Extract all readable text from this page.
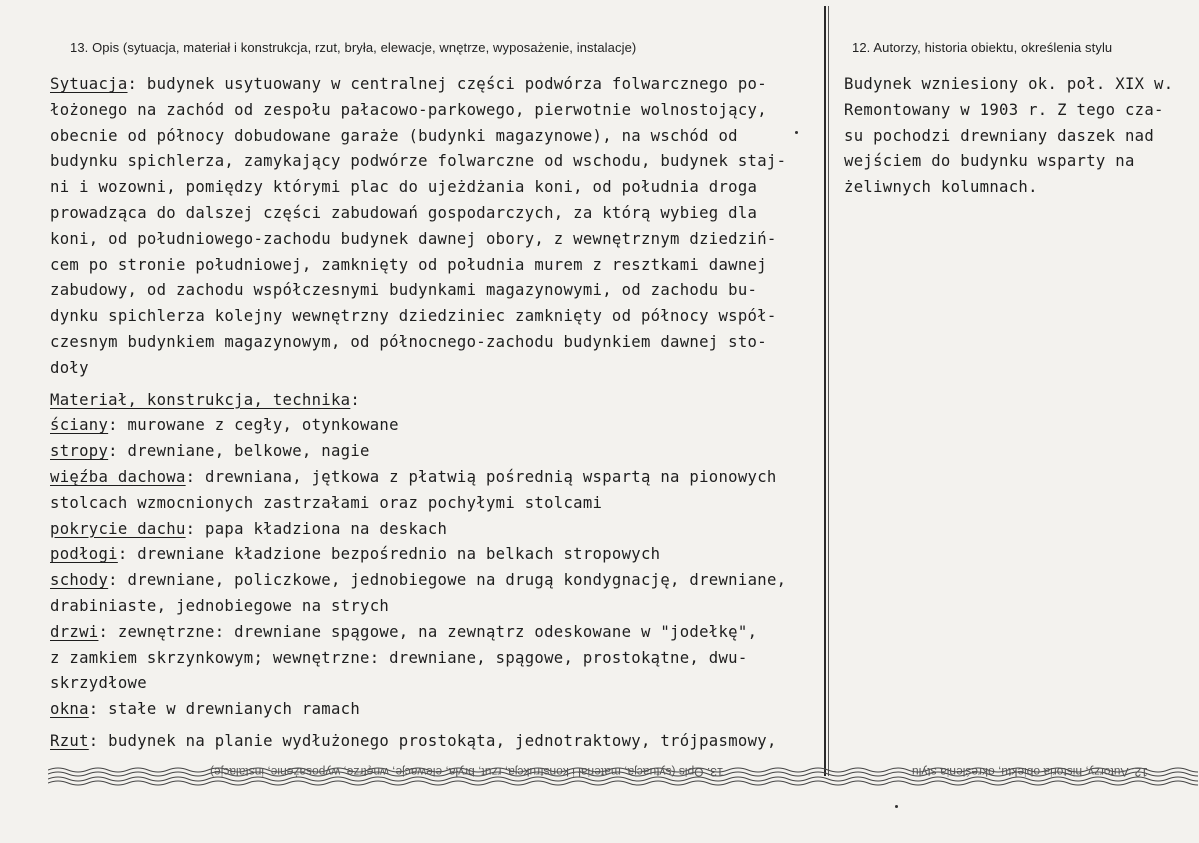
13. Opis (sytuacja, materiał i konstrukcja, rzut, bryła, elewacje, wnętrze, wyposażenie, instalacje)	12. Autorzy, historia obiektu, określenia stylu
Sytuacja: budynek usytuowany w centralnej części podwórza folwarcznego po-
łożonego na zachód od zespołu pałacowo-parkowego, pierwotnie wolnostojący,
obecnie od północy dobudowane garaże (budynki magazynowe), na wschód od
budynku spichlerza, zamykający podwórze folwarczne od wschodu, budynek staj-
ni i wozowni, pomiędzy którymi plac do ujeżdżania koni, od południa droga
prowadząca do dalszej części zabudowań gospodarczych, za którą wybieg dla
koni, od południowego-zachodu budynek dawnej obory, z wewnętrznym dziedziń-
cem po stronie południowej, zamknięty od południa murem z resztkami dawnej
zabudowy, od zachodu współczesnymi budynkami magazynowymi, od zachodu bu-
dynku spichlerza kolejny wewnętrzny dziedziniec zamknięty od północy współ-
czesnym budynkiem magazynowym, od północnego-zachodu budynkiem dawnej sto-
doły
Materiał, konstrukcja, technika:
ściany: murowane z cegły, otynkowane
stropy: drewniane, belkowe, nagie
więźba dachowa: drewniana, jętkowa z płatwią pośrednią wspartą na pionowych
stolcach wzmocnionych zastrzałami oraz pochyłymi stolcami
pokrycie dachu: papa kładziona na deskach
podłogi: drewniane kładzione bezpośrednio na belkach stropowych
schody: drewniane, policzkowe, jednobiegowe na drugą kondygnację, drewniane,
drabiniaste, jednobiegowe na strych
drzwi: zewnętrzne: drewniane spągowe, na zewnątrz odeskowane w "jodełkę",
z zamkiem skrzynkowym; wewnętrzne: drewniane, spągowe, prostokątne, dwu-
skrzydłowe
okna: stałe w drewnianych ramach
Rzut: budynek na planie wydłużonego prostokąta, jednotraktowy, trójpasmowy,
Budynek wzniesiony ok. poł. XIX w.
Remontowany w 1903 r. Z tego cza-
su pochodzi drewniany daszek nad
wejściem do budynku wsparty na
żeliwnych kolumnach.
13. Opis (sytuacja, materiał i konstrukcja, rzut, bryła, elewacje, wnętrze, wyposażenie, instalacje)	12. Autorzy, historia obiektu, określenia stylu
